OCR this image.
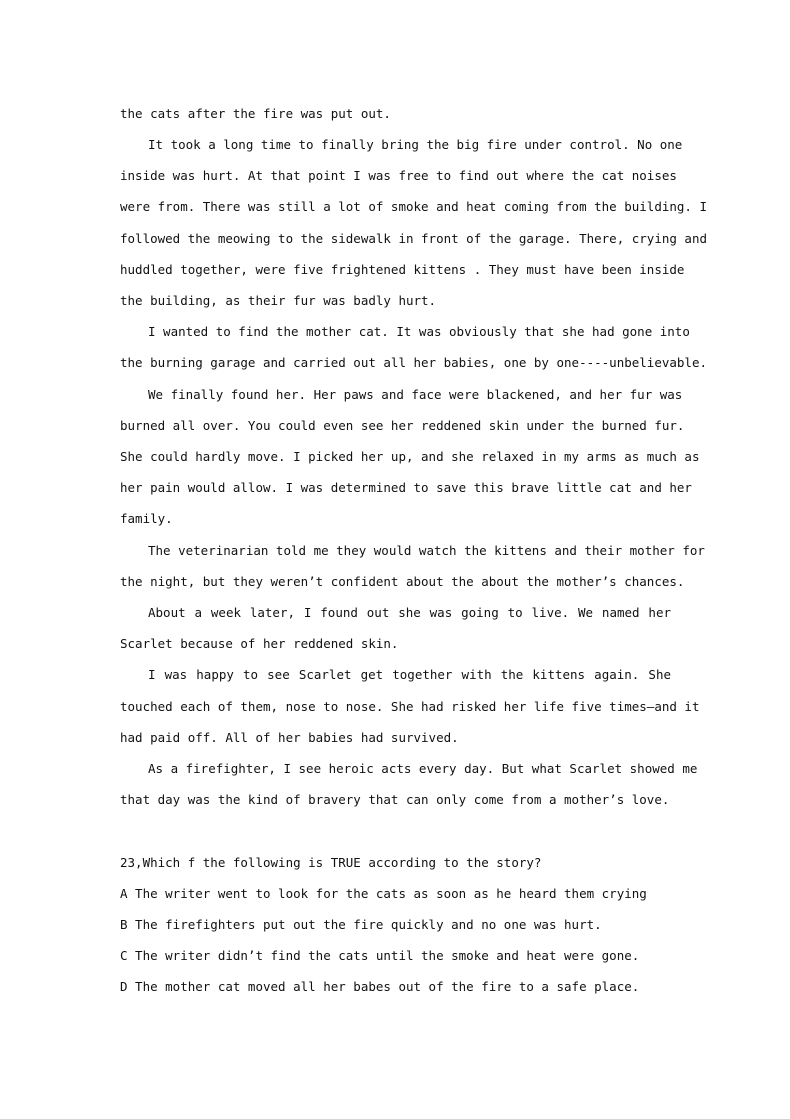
the cats after the fire was put out.
It took a long time to finally bring the big fire under control. No one
inside was hurt. At that point I was free to find out where the cat noises
were from. There was still a lot of smoke and heat coming from the building. I
followed the meowing to the sidewalk in front of the garage. There, crying and
huddled together, were five frightened kittens . They must have been inside
the building, as their fur was badly hurt.
I wanted to find the mother cat. It was obviously that she had gone into
the burning garage and carried out all her babies, one by one----unbelievable.
We finally found her. Her paws and face were blackened, and her fur was
burned all over. You could even see her reddened skin under the burned fur.
She could hardly move. I picked her up, and she relaxed in my arms as much as
her pain would allow. I was determined to save this brave little cat and her
family.
The veterinarian told me they would watch the kittens and their mother for
the night, but they weren’t confident about the about the mother’s chances.
About a week later, I found out she was going to live. We named her
Scarlet because of her reddened skin.
I was happy to see Scarlet get together with the kittens again. She
touched each of them, nose to nose. She had risked her life five times—and it
had paid off. All of her babies had survived.
As a firefighter, I see heroic acts every day. But what Scarlet showed me
that day was the kind of bravery that can only come from a mother’s love.
23,Which f the following is TRUE according to the story?
A The writer went to look for the cats as soon as he heard them crying
B The firefighters put out the fire quickly and no one was hurt.
C The writer didn’t find the cats until the smoke and heat were gone.
D The mother cat moved all her babes out of the fire to a safe place.
